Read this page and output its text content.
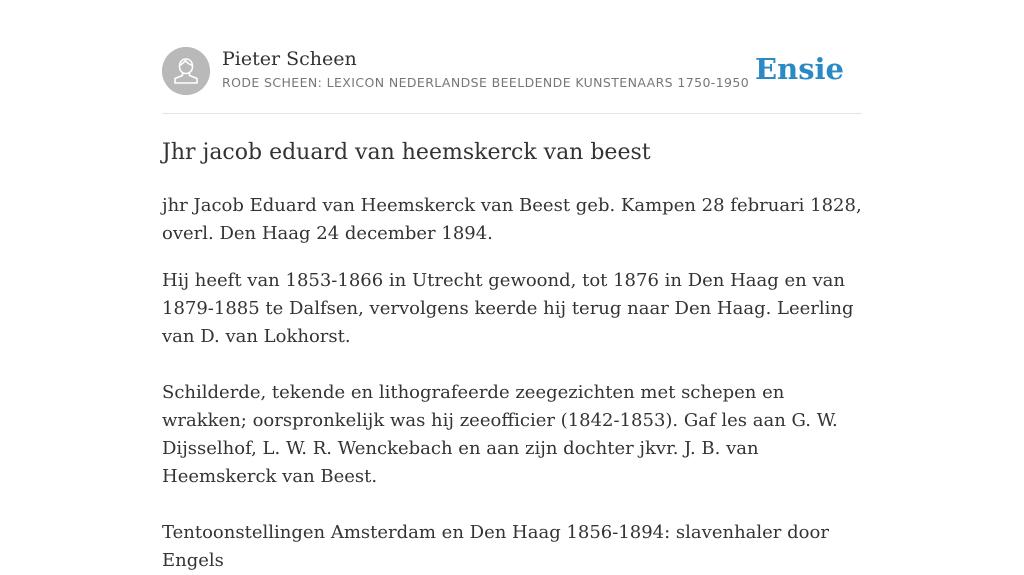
Pieter Scheen
RODE SCHEEN: LEXICON NEDERLANDSE BEELDENDE KUNSTENAARS 1750-1950 Ensie
Jhr jacob eduard van heemskerck van beest

jhr Jacob Eduard van Heemskerck van Beest geb. Kampen 28 februari 1828, overl. Den Haag 24 december 1894.

Hij heeft van 1853-1866 in Utrecht gewoond, tot 1876 in Den Haag en van 1879-1885 te Dalfsen, vervolgens keerde hij terug naar Den Haag. Leerling van D. van Lokhorst.

Schilderde, tekende en lithografeerde zeegezichten met schepen en wrakken; oorspronkelijk was hij zeeofficier (1842-1853). Gaf les aan G. W. Dijsselhof, L. W. R. Wenckebach en aan zijn dochter jkvr. J. B. van Heemskerck van Beest.

Tentoonstellingen Amsterdam en Den Haag 1856-1894: slavenhaler door Engels
